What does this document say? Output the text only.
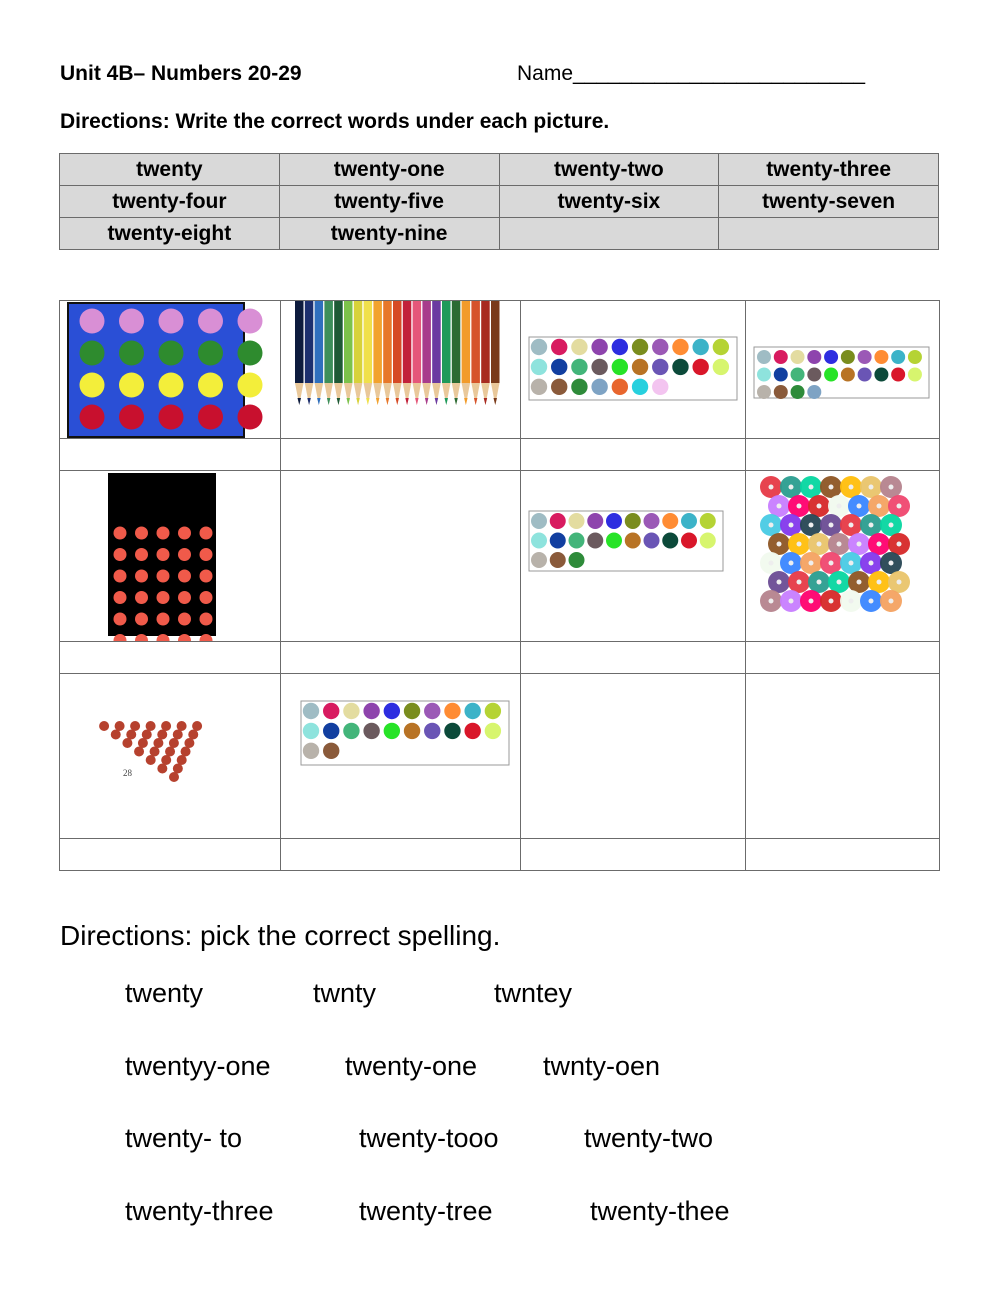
Unit 4B– Numbers 20-29	Name_________________________
Directions: Write the correct words under each picture.
twenty	twenty-one	twenty-two	twenty-three
twenty-four	twenty-five	twenty-six	twenty-seven
twenty-eight	twenty-nine		

28

Directions: pick the correct spelling.
twenty	twnty	twntey
twentyy-one	twenty-one twnty-oen
twenty- to	twenty-tooo	twenty-two
twenty-three	twenty-tree	twenty-thee
